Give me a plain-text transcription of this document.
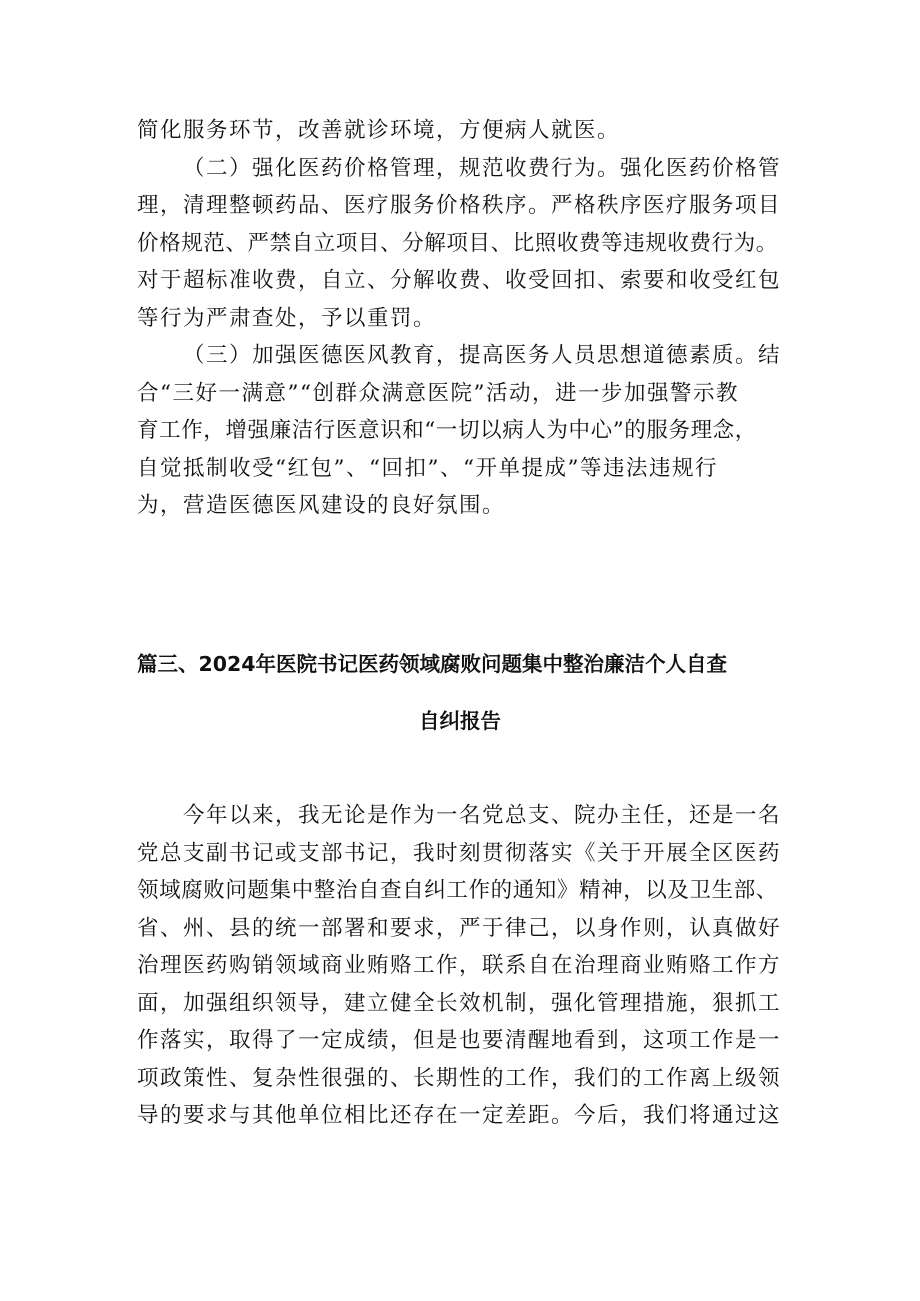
简化服务环节，改善就诊环境，方便病人就医。
（二）强化医药价格管理，规范收费行为。强化医药价格管
理，清理整顿药品、医疗服务价格秩序。严格秩序医疗服务项目
价格规范、严禁自立项目、分解项目、比照收费等违规收费行为。
对于超标准收费，自立、分解收费、收受回扣、索要和收受红包
等行为严肃查处，予以重罚。
（三）加强医德医风教育，提高医务人员思想道德素质。结
合“三好一满意”“创群众满意医院”活动，进一步加强警示教
育工作，增强廉洁行医意识和“一切以病人为中心”的服务理念，
自觉抵制收受“红包”、“回扣”、“开单提成”等违法违规行
为，营造医德医风建设的良好氛围。
篇三、2024年医院书记医药领域腐败问题集中整治廉洁个人自查
自纠报告
今年以来，我无论是作为一名党总支、院办主任，还是一名
党总支副书记或支部书记，我时刻贯彻落实《关于开展全区医药
领域腐败问题集中整治自查自纠工作的通知》精神，以及卫生部、
省、州、县的统一部署和要求，严于律己，以身作则，认真做好
治理医药购销领域商业贿赂工作，联系自在治理商业贿赂工作方
面，加强组织领导，建立健全长效机制，强化管理措施，狠抓工
作落实，取得了一定成绩，但是也要清醒地看到，这项工作是一
项政策性、复杂性很强的、长期性的工作，我们的工作离上级领
导的要求与其他单位相比还存在一定差距。今后，我们将通过这
